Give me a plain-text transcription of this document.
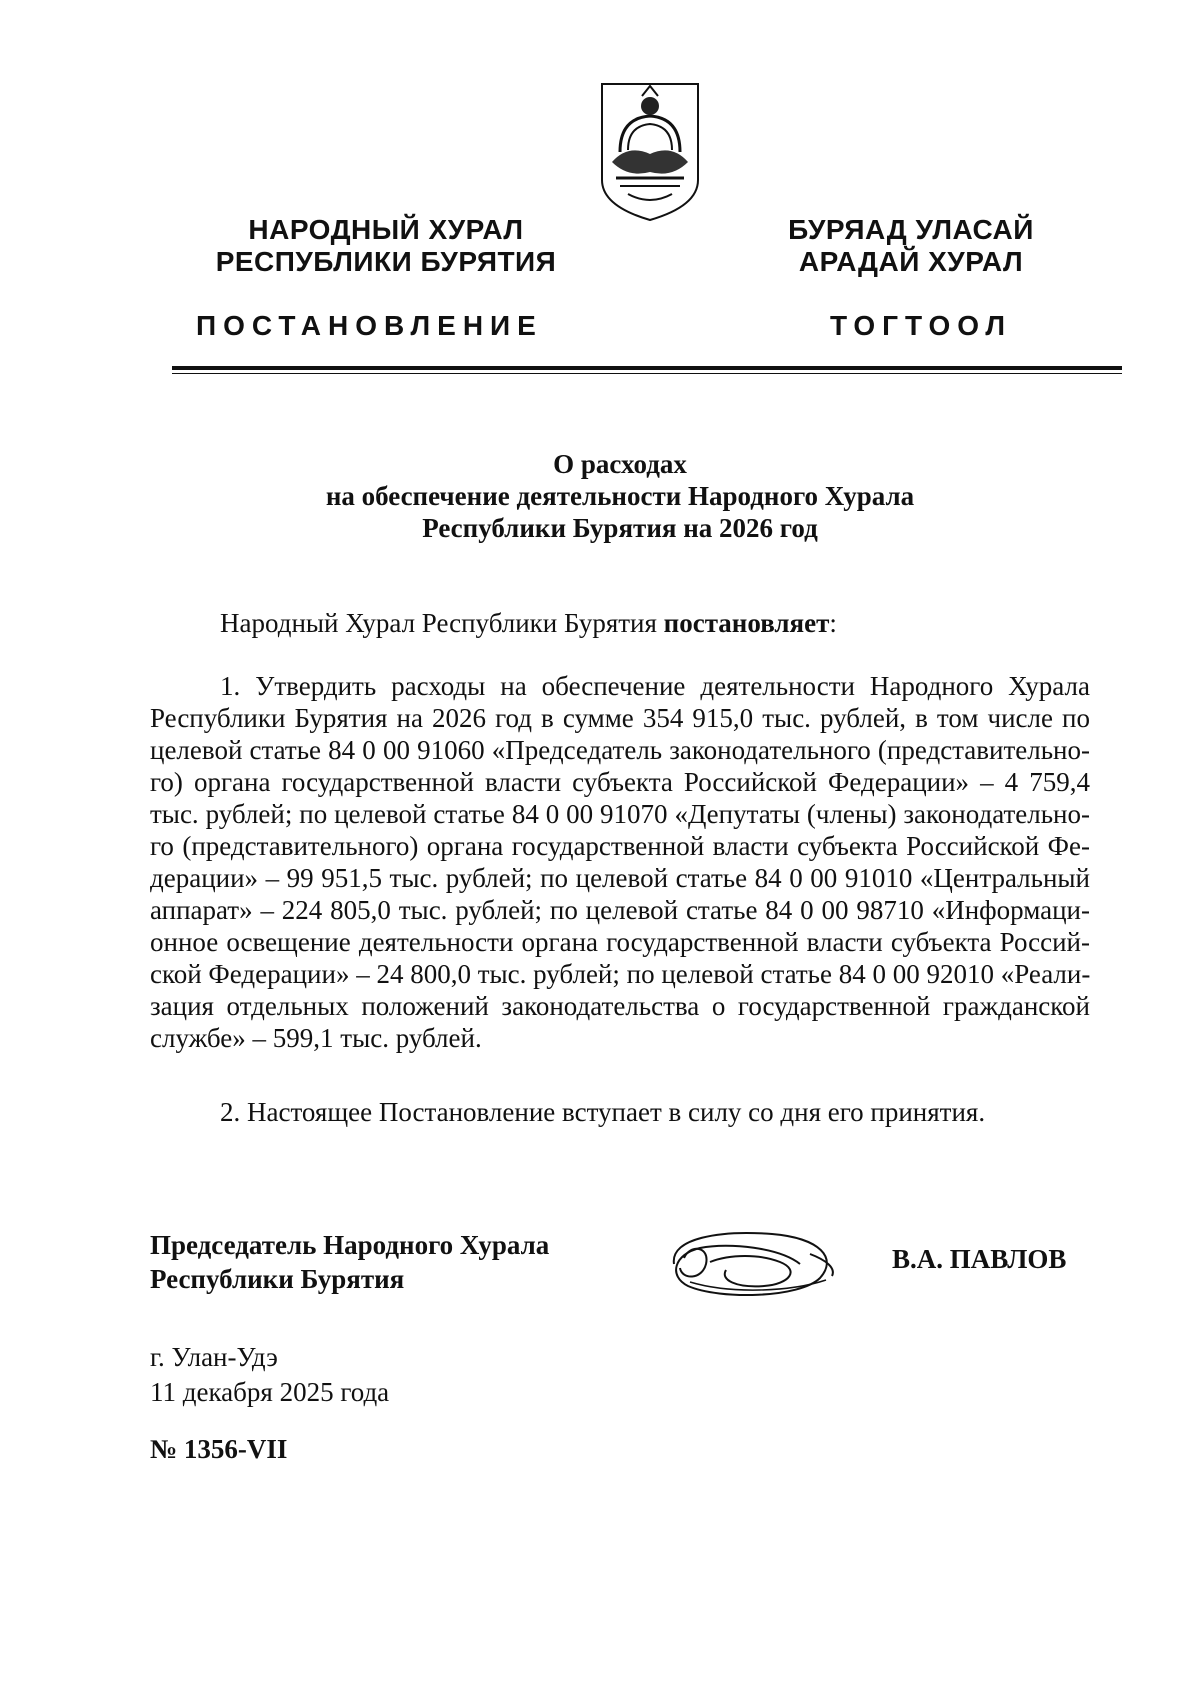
НАРОДНЫЙ ХУРАЛ
РЕСПУБЛИКИ БУРЯТИЯ
БУРЯАД УЛАСАЙ
АРАДАЙ ХУРАЛ
ПОСТАНОВЛЕНИЕ	ТОГТООЛ
О расходах
на обеспечение деятельности Народного Хурала
Республики Бурятия на 2026 год
Народный Хурал Республики Бурятия постановляет:
1. Утвердить расходы на обеспечение деятельности Народного Хурала
Республики Бурятия на 2026 год в сумме 354 915,0 тыс. рублей, в том числе по
целевой статье 84 0 00 91060 «Председатель законодательного (представительно-
го) органа государственной власти субъекта Российской Федерации» – 4 759,4
тыс. рублей; по целевой статье 84 0 00 91070 «Депутаты (члены) законодательно-
го (представительного) органа государственной власти субъекта Российской Фе-
дерации» – 99 951,5 тыс. рублей; по целевой статье 84 0 00 91010 «Центральный
аппарат» – 224 805,0 тыс. рублей; по целевой статье 84 0 00 98710 «Информаци-
онное освещение деятельности органа государственной власти субъекта Россий-
ской Федерации» – 24 800,0 тыс. рублей; по целевой статье 84 0 00 92010 «Реали-
зация отдельных положений законодательства о государственной гражданской
службе» – 599,1 тыс. рублей.
2. Настоящее Постановление вступает в силу со дня его принятия.
Председатель Народного Хурала
Республики Бурятия
В.А. ПАВЛОВ
г. Улан-Удэ
11 декабря 2025 года
№ 1356-VII
